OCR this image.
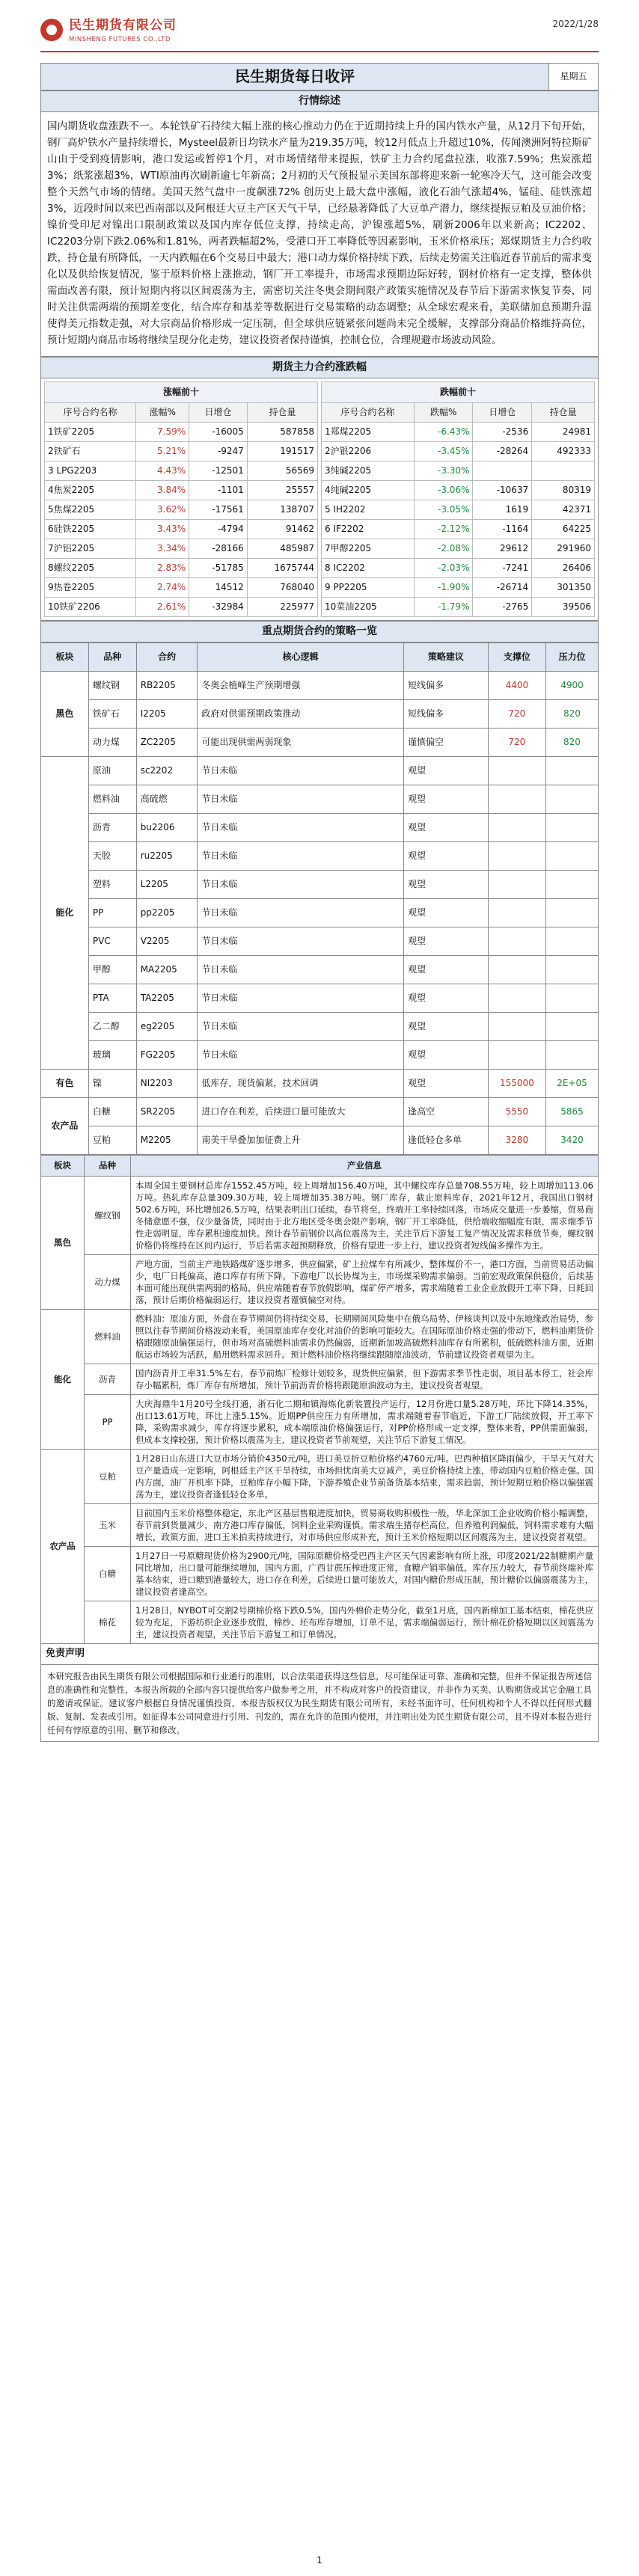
民生期货有限公司
MINSHENG FUTURES CO.,LTD
2022/1/28
民生期货每日收评	星期五
行情综述
国内期货收盘涨跌不一。本轮铁矿石持续大幅上涨的核心推动力仍在于近期持续上升的国内铁水产量，从12月下旬开始，钢厂高炉铁水产量持续增长，Mysteel最新日均铁水产量为219.35万吨，较12月低点上升超过10%，传闻澳洲阿特拉斯矿山由于受到疫情影响，港口发运或暂停1个月，对市场情绪带来提振，铁矿主力合约尾盘拉涨，收涨7.59%；焦炭涨超3%；纸浆涨超3%，WTI原油再次刷新逾七年新高；2月初的天气预报显示美国东部将迎来新一轮寒冷天气，这可能会改变整个天然气市场的情绪。美国天然气盘中一度飙涨72% 创历史上最大盘中涨幅，液化石油气涨超4%，锰硅、硅铁涨超3%，近段时间以来巴西南部以及阿根廷大豆主产区天气干旱，已经悬著降低了大豆单产潜力，继续提振豆粕及豆油价格；镍价受印尼对镍出口限制政策以及国内库存低位支撑，持续走高，沪镍涨超5%，刷新2006年以来新高；IC2202、IC2203分别下跌2.06%和1.81%，两者跌幅超2%，受港口开工率降低等因素影响，玉米价格承压；郑煤期货主力合约收跌，持仓量有所降低，一天内跌幅在6个交易日中最大；港口动力煤价格持续下跌，后续走势需关注临近春节前后的需求变化以及供给恢复情况，鉴于原料价格上涨推动，钢厂开工率提升，市场需求预期边际好转，钢材价格有一定支撑，整体供需面改善有限，预计短期内将以区间震荡为主，需密切关注冬奥会期间限产政策实施情况及春节后下游需求恢复节奏，同时关注供需两端的预期差变化，结合库存和基差等数据进行交易策略的动态调整；从全球宏观来看，美联储加息预期升温使得美元指数走强，对大宗商品价格形成一定压制，但全球供应链紧张问题尚未完全缓解，支撑部分商品价格维持高位，预计短期内商品市场将继续呈现分化走势，建议投资者保持谨慎，控制仓位，合理规避市场波动风险。
期货主力合约涨跌幅
涨幅前十			
序号合约名称	涨幅%	日增仓	持仓量
1铁矿2205	7.59%	-16005	587858
2铁矿石	5.21%	-9247	191517
3 LPG2203	4.43%	-12501	56569
4焦炭2205	3.84%	-1101	25557
5焦煤2205	3.62%	-17561	138707
6硅铁2205	3.43%	-4794	91462
7沪铝2205	3.34%	-28166	485987
8螺纹2205	2.83%	-51785	1675744
9热卷2205	2.74%	14512	768040
10铁矿2206	2.61%	-32984	225977
跌幅前十			
序号合约名称	跌幅%	日增仓	持仓量
1郑煤2205	-6.43%	-2536	24981
2沪银2206	-3.45%	-28264	492333
3纯碱2205	-3.30%		
4纯碱2205	-3.06%	-10637	80319
5 IH2202	-3.05%	1619	42371
6 IF2202	-2.12%	-1164	64225
7甲醇2205	-2.08%	29612	291960
8 IC2202	-2.03%	-7241	26406
9 PP2205	-1.90%	-26714	301350
10菜油2205	-1.79%	-2765	39506
重点期货合约的策略一览
板块	品种	合约	核心逻辑	策略建议	支撑位	压力位
黑色	螺纹钢	RB2205	冬奥会植峰生产预期增强	短线偏多	4400	4900
	铁矿石	I2205	政府对供需预期政策推动	短线偏多	720	820
	动力煤	ZC2205	可能出现供需两弱现象	谨慎偏空	720	820
能化	原油	sc2202	节日未临	观望		
	燃料油	高硫燃	节日未临	观望		
	沥青	bu2206	节日未临	观望		
	天胶	ru2205	节日未临	观望		
	塑料	L2205	节日未临	观望		
	PP	pp2205	节日未临	观望		
	PVC	V2205	节日未临	观望		
	甲醇	MA2205	节日未临	观望		
	PTA	TA2205	节日未临	观望		
	乙二醇	eg2205	节日未临	观望		
	玻璃	FG2205	节日未临	观望		
有色	镍	NI2203	低库存，现货偏紧，技术回调	观望	155000	2E+05
农产品	白糖	SR2205	进口存在利差，后续进口量可能放大	逢高空	5550	5865
	豆粕	M2205	南美干旱叠加加征费上升	逢低轻仓多单	3280	3420
板块	品种	产业信息
黑色	螺纹钢	本周全国主要钢材总库存1552.45万吨，较上周增加156.40万吨，其中螺纹库存总量708.55万吨，较上周增加113.06万吨。热轧库存总量309.30万吨，较上周增加35.38万吨。钢厂库存，截止原料库存，2021年12月，我国出口钢材502.6万吨，环比增加26.5万吨，结果表明出口延续，春节将至，终端开工率持续回落，市场成交量进一步萎缩，贸易商冬储意愿不强，仅少量备货，同时由于北方地区受冬奥会限产影响，钢厂开工率降低，供给端收缩幅度有限，需求端季节性走弱明显，库存累积速度加快。预计春节前钢价以高位震荡为主，关注节后下游复工复产情况及需求释放节奏，螺纹钢价格仍将维持在区间内运行，节后若需求超预期释放，价格有望进一步上行，建议投资者短线偏多操作为主。
	动力煤	产地方面，当前主产地铁路煤矿逐步增多，供应偏紧，矿上拉煤车有所减少，整体煤价不一，港口方面，当前贸易活动偏少，电厂日耗偏高，港口库存有所下降。下游电厂以长协煤为主，市场煤采购需求偏弱。当前宏观政策保供稳价，后续基本面可能出现供需两弱的格局，供应端随着春节放假影响，煤矿停产增多，需求端随着工业企业放假开工率下降，日耗回落，预计后期价格偏弱运行，建议投资者谨慎偏空对待。
能化	燃料油	燃料油：原油方面，外盘在春节期间仍将持续交易，长期期间风险集中在俄乌局势、伊核谈判以及中东地缘政治局势，参照以往春节期间价格波动来看，美国原油库存变化对油价的影响可能较大。在国际原油价格走强的带动下，燃料油期货价格跟随原油偏强运行，但市场对高硫燃料油需求仍然偏弱，近期新加坡高硫燃料油库存有所累积，低硫燃料油方面，近期航运市场较为活跃，船用燃料需求回升。预计燃料油价格将继续跟随原油波动，节前建议投资者观望为主。
	沥青	国内沥青开工率31.5%左右，春节前炼厂检修计划较多，现货供应偏紧，但下游需求季节性走弱，项目基本停工，社会库存小幅累积，炼厂库存有所增加，预计节前沥青价格将跟随原油波动为主，建议投资者观望。
	PP	大庆海鼎牛1月20号全线打通，浙石化二期和镇海炼化新装置投产运行，12月份进口量5.28万吨，环比下降14.35%，出口13.61万吨，环比上涨5.15%。近期PP供应压力有所增加，需求端随着春节临近，下游工厂陆续放假，开工率下降，采购需求减少，库存将逐步累积，成本端原油价格偏强运行，对PP价格形成一定支撑，整体来看，PP供需面偏弱，但成本支撑较强，预计价格以震荡为主，建议投资者节前观望，关注节后下游复工情况。
农产品	豆粕	1月28日山东进口大豆市场分销价4350元/吨，进口美豆折豆粕价格约4760元/吨。巴西种植区降雨偏少，干旱天气对大豆产量造成一定影响，阿根廷主产区干旱持续，市场担忧南美大豆减产，美豆价格持续上涨，带动国内豆粕价格走强。国内方面，油厂开机率下降，豆粕库存小幅下降，下游养殖企业节前备货基本结束，需求趋弱，预计短期豆粕价格以偏强震荡为主，建议投资者逢低轻仓多单。
	玉米	目前国内玉米价格整体稳定，东北产区基层售粮进度加快，贸易商收购积极性一般，华北深加工企业收购价格小幅调整，春节前到货量减少，南方港口库存偏低，饲料企业采购谨慎。需求端生猪存栏高位，但养殖利润偏低，饲料需求难有大幅增长，政策方面，进口玉米拍卖持续进行，对市场供应形成补充，预计玉米价格短期以区间震荡为主，建议投资者观望。
	白糖	1月27日一号原糖现货价格为2900元/吨，国际原糖价格受巴西主产区天气因素影响有所上涨，印度2021/22制糖期产量同比增加，出口量可能继续增加，国内方面，广西甘蔗压榨进度正常，食糖产销率偏低，库存压力较大，春节前终端补库基本结束，进口糖到港量较大，进口存在利差，后续进口量可能放大，对国内糖价形成压制，预计糖价以偏弱震荡为主，建议投资者逢高空。
	棉花	1月28日，NYBOT可交割2号期棉价格下跌0.5%，国内外棉价走势分化，截至1月底，国内新棉加工基本结束，棉花供应较为充足，下游纺织企业逐步放假，棉纱、坯布库存增加，订单不足，需求端偏弱运行，预计棉花价格短期以区间震荡为主，建议投资者观望，关注节后下游复工和订单情况。
免责声明
本研究报告由民生期货有限公司根据国际和行业通行的准则，以合法渠道获得这些信息，尽可能保证可靠、准确和完整，但并不保证报告所述信息的准确性和完整性，本报告所载的全部内容只提供给客户做参考之用，并不构成对客户的投资建议，并非作为买卖、认购期货或其它金融工具的邀请或保证。建议客户根据自身情况谨慎投资，本报告版权仅为民生期货有限公司所有，未经书面许可，任何机构和个人不得以任何形式翻版、复制、发表或引用。如征得本公司同意进行引用、刊发的，需在允许的范围内使用，并注明出处为民生期货有限公司，且不得对本报告进行任何有悖原意的引用、删节和修改。
1
